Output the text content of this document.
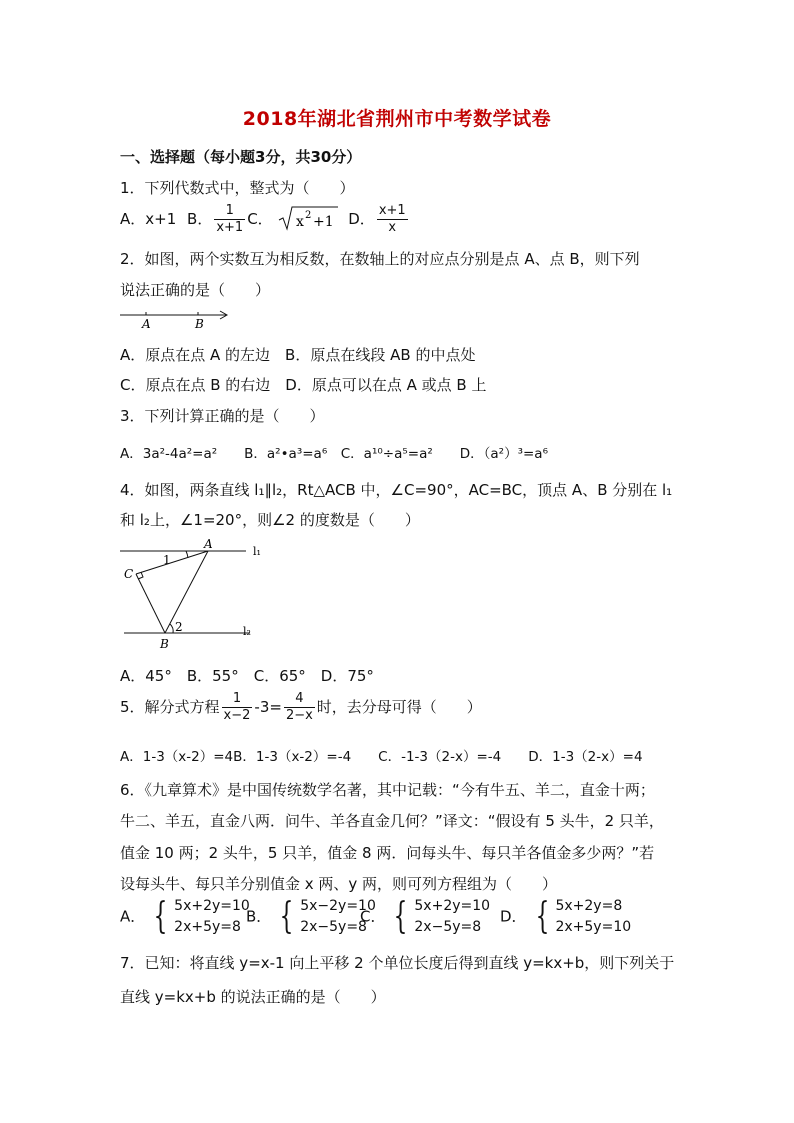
2018年湖北省荆州市中考数学试卷
一、选择题（每小题3分，共30分）
1．下列代数式中，整式为（　　）
A．x+1 B． $\frac{1}{x+1}$ C． x 2 +1 D． $\frac{x+1}{x}$
2．如图，两个实数互为相反数，在数轴上的对应点分别是点 A、点 B，则下列
说法正确的是（　　）
A	B
A．原点在点 A 的左边　B．原点在线段 AB 的中点处
C．原点在点 B 的右边　D．原点可以在点 A 或点 B 上
3．下列计算正确的是（　　）
A．3a²-4a²=a²　　B．a²•a³=a⁶　C．a¹⁰÷a⁵=a²　　D．（a²）³=a⁶
4．如图，两条直线 l₁∥l₂，Rt△ACB 中，∠C=90°，AC=BC，顶点 A、B 分别在 l₁
和 l₂上，∠1=20°，则∠2 的度数是（　　）
A
C
B
1
2
l₁
l₂
A．45°　B．55°　C．65°　D．75°
5．解分式方程 $\frac{1}{x-2} -3= \frac{4}{2-x}$ 时，去分母可得（　　）
A．1-3（x-2）=4B．1-3（x-2）=-4　　C．-1-3（2-x）=-4　　D．1-3（2-x）=4
6．《九章算术》是中国传统数学名著，其中记载：“今有牛五、羊二，直金十两；
牛二、羊五，直金八两．问牛、羊各直金几何？”译文：“假设有 5 头牛，2 只羊，
值金 10 两；2 头牛，5 只羊，值金 8 两．问每头牛、每只羊各值金多少两？”若
设每头牛、每只羊分别值金 x 两、y 两，则可列方程组为（　　）
A． { 5x+2y=10
2x+5y=8
B． { 5x−2y=10
2x−5y=8
C． { 5x+2y=10
2x−5y=8
D． { 5x+2y=8
2x+5y=10
7．已知：将直线 y=x-1 向上平移 2 个单位长度后得到直线 y=kx+b，则下列关于
直线 y=kx+b 的说法正确的是（　　）
